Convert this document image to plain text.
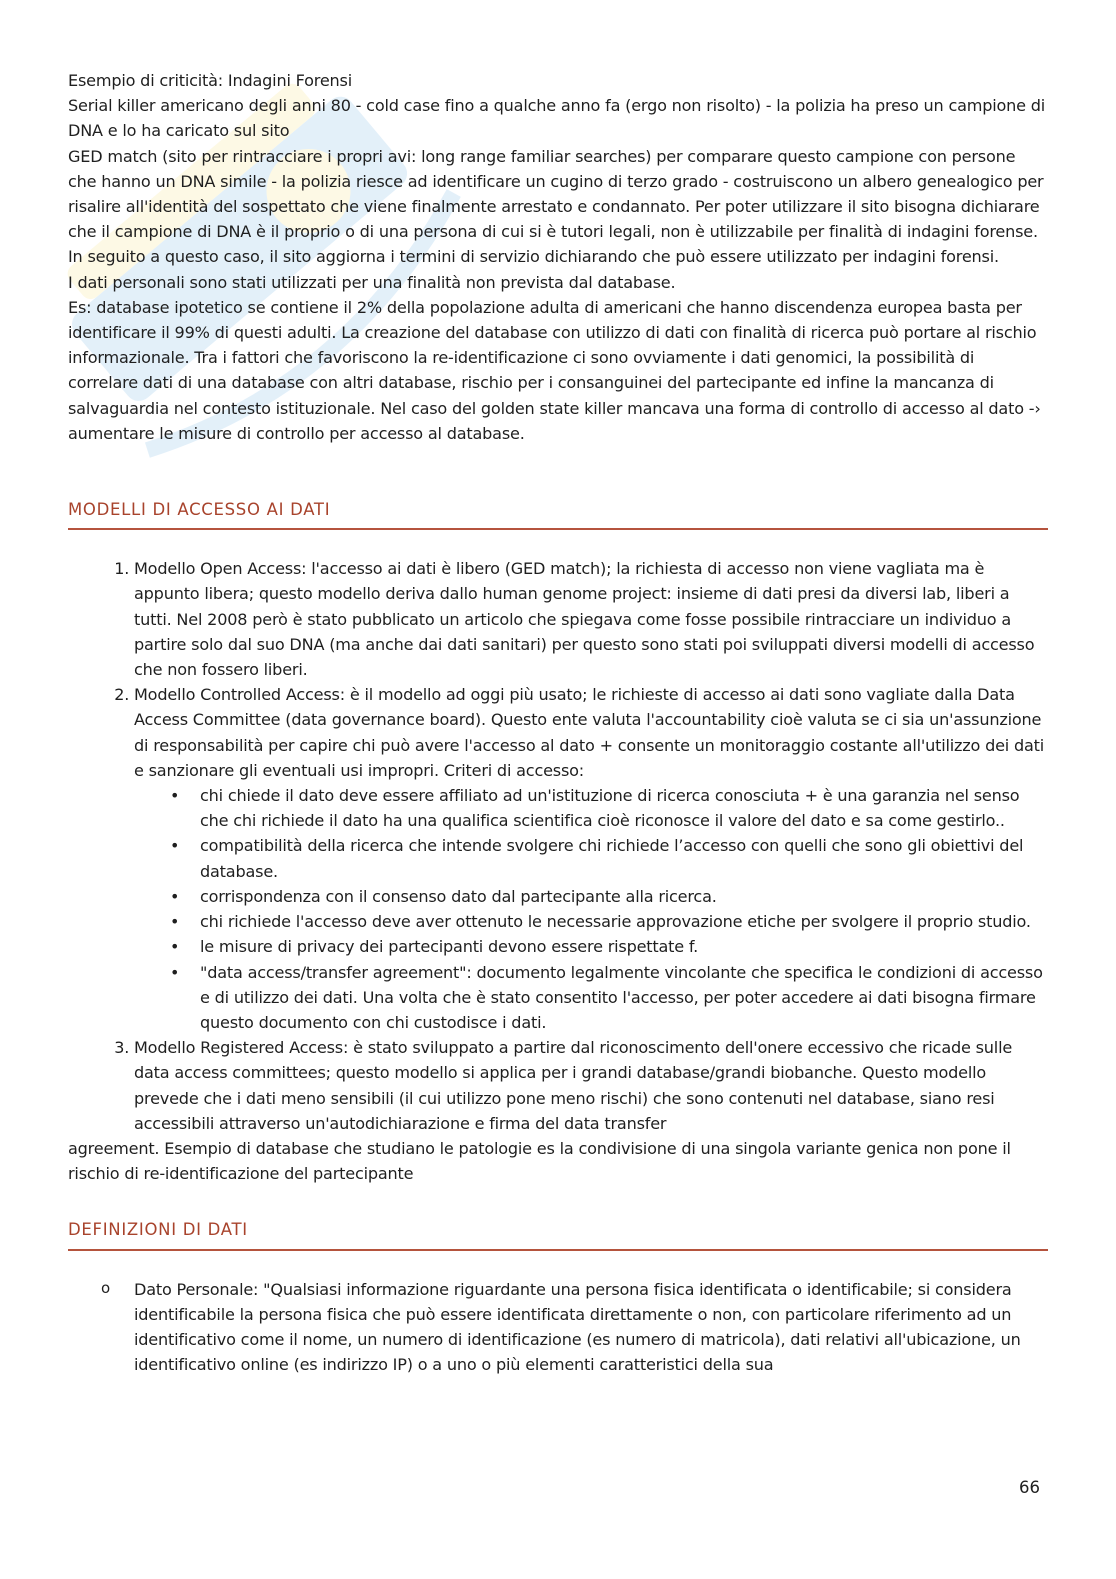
Esempio di criticità: Indagini Forensi

Serial killer americano degli anni 80 - cold case fino a qualche anno fa (ergo non risolto) - la polizia ha preso un campione di DNA e lo ha caricato sul sito

GED match (sito per rintracciare i propri avi: long range familiar searches) per comparare questo campione con persone che hanno un DNA simile - la polizia riesce ad identificare un cugino di terzo grado - costruiscono un albero genealogico per risalire all'identità del sospettato che viene finalmente arrestato e condannato. Per poter utilizzare il sito bisogna dichiarare che il campione di DNA è il proprio o di una persona di cui si è tutori legali, non è utilizzabile per finalità di indagini forense. In seguito a questo caso, il sito aggiorna i termini di servizio dichiarando che può essere utilizzato per indagini forensi.

I dati personali sono stati utilizzati per una finalità non prevista dal database.

Es: database ipotetico se contiene il 2% della popolazione adulta di americani che hanno discendenza europea basta per identificare il 99% di questi adulti. La creazione del database con utilizzo di dati con finalità di ricerca può portare al rischio informazionale. Tra i fattori che favoriscono la re-identificazione ci sono ovviamente i dati genomici, la possibilità di correlare dati di una database con altri database, rischio per i consanguinei del partecipante ed infine la mancanza di salvaguardia nel contesto istituzionale. Nel caso del golden state killer mancava una forma di controllo di accesso al dato -› aumentare le misure di controllo per accesso al database.

MODELLI DI ACCESSO AI DATI
1. Modello Open Access: l'accesso ai dati è libero (GED match); la richiesta di accesso non viene vagliata ma è appunto libera; questo modello deriva dallo human genome project: insieme di dati presi da diversi lab, liberi a tutti. Nel 2008 però è stato pubblicato un articolo che spiegava come fosse possibile rintracciare un individuo a partire solo dal suo DNA (ma anche dai dati sanitari) per questo sono stati poi sviluppati diversi modelli di accesso che non fossero liberi.
2. Modello Controlled Access: è il modello ad oggi più usato; le richieste di accesso ai dati sono vagliate dalla Data Access Committee (data governance board). Questo ente valuta l'accountability cioè valuta se ci sia un'assunzione di responsabilità per capire chi può avere l'accesso al dato + consente un monitoraggio costante all'utilizzo dei dati e sanzionare gli eventuali usi impropri. Criteri di accesso:
• chi chiede il dato deve essere affiliato ad un'istituzione di ricerca conosciuta + è una garanzia nel senso che chi richiede il dato ha una qualifica scientifica cioè riconosce il valore del dato e sa come gestirlo..
• compatibilità della ricerca che intende svolgere chi richiede l’accesso con quelli che sono gli obiettivi del database.
• corrispondenza con il consenso dato dal partecipante alla ricerca.
• chi richiede l'accesso deve aver ottenuto le necessarie approvazione etiche per svolgere il proprio studio.
• le misure di privacy dei partecipanti devono essere rispettate f.
• "data access/transfer agreement": documento legalmente vincolante che specifica le condizioni di accesso e di utilizzo dei dati. Una volta che è stato consentito l'accesso, per poter accedere ai dati bisogna firmare questo documento con chi custodisce i dati.
3. Modello Registered Access: è stato sviluppato a partire dal riconoscimento dell'onere eccessivo che ricade sulle data access committees; questo modello si applica per i grandi database/grandi biobanche. Questo modello prevede che i dati meno sensibili (il cui utilizzo pone meno rischi) che sono contenuti nel database, siano resi accessibili attraverso un'autodichiarazione e firma del data transfer

agreement. Esempio di database che studiano le patologie es la condivisione di una singola variante genica non pone il rischio di re-identificazione del partecipante

DEFINIZIONI DI DATI
o Dato Personale: "Qualsiasi informazione riguardante una persona fisica identificata o identificabile; si considera identificabile la persona fisica che può essere identificata direttamente o non, con particolare riferimento ad un identificativo come il nome, un numero di identificazione (es numero di matricola), dati relativi all'ubicazione, un identificativo online (es indirizzo IP) o a uno o più elementi caratteristici della sua
66
